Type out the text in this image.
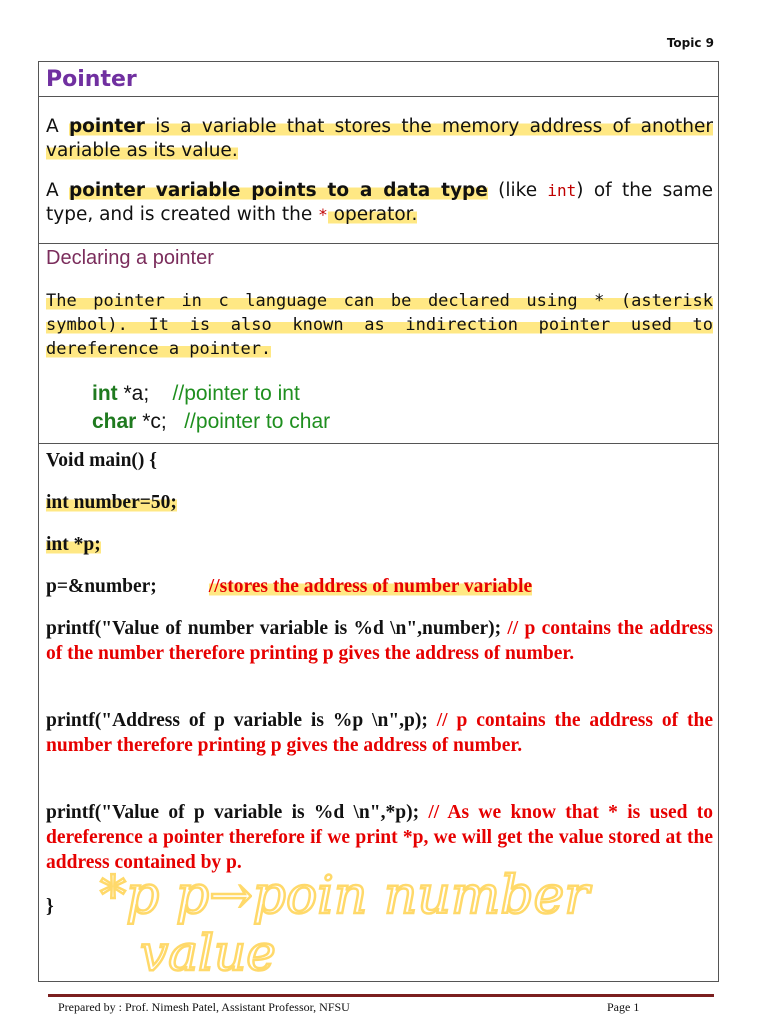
Topic 9
Pointer

A pointer is a variable that stores the memory address of another variable as its value.

A pointer variable points to a data type (like int) of the same type, and is created with the * operator.

Declaring a pointer

The pointer in c language can be declared using * (asterisk symbol). It is also known as indirection pointer used to dereference a pointer.

int *a; //pointer to int
char *c; //pointer to char

Void main() {

int number=50;

int *p;

p=&number;	//stores the address of number variable

printf("Value of number variable is %d \n",number); // p contains the address of the number therefore printing p gives the address of number.

printf("Address of p variable is %p \n",p); // p contains the address of the number therefore printing p gives the address of number.

printf("Value of p variable is %d \n",*p); // As we know that * is used to dereference a pointer therefore if we print *p, we will get the value stored at the address contained by p.

} *p p→poin number
value
Prepared by : Prof. Nimesh Patel, Assistant Professor, NFSU	Page 1
